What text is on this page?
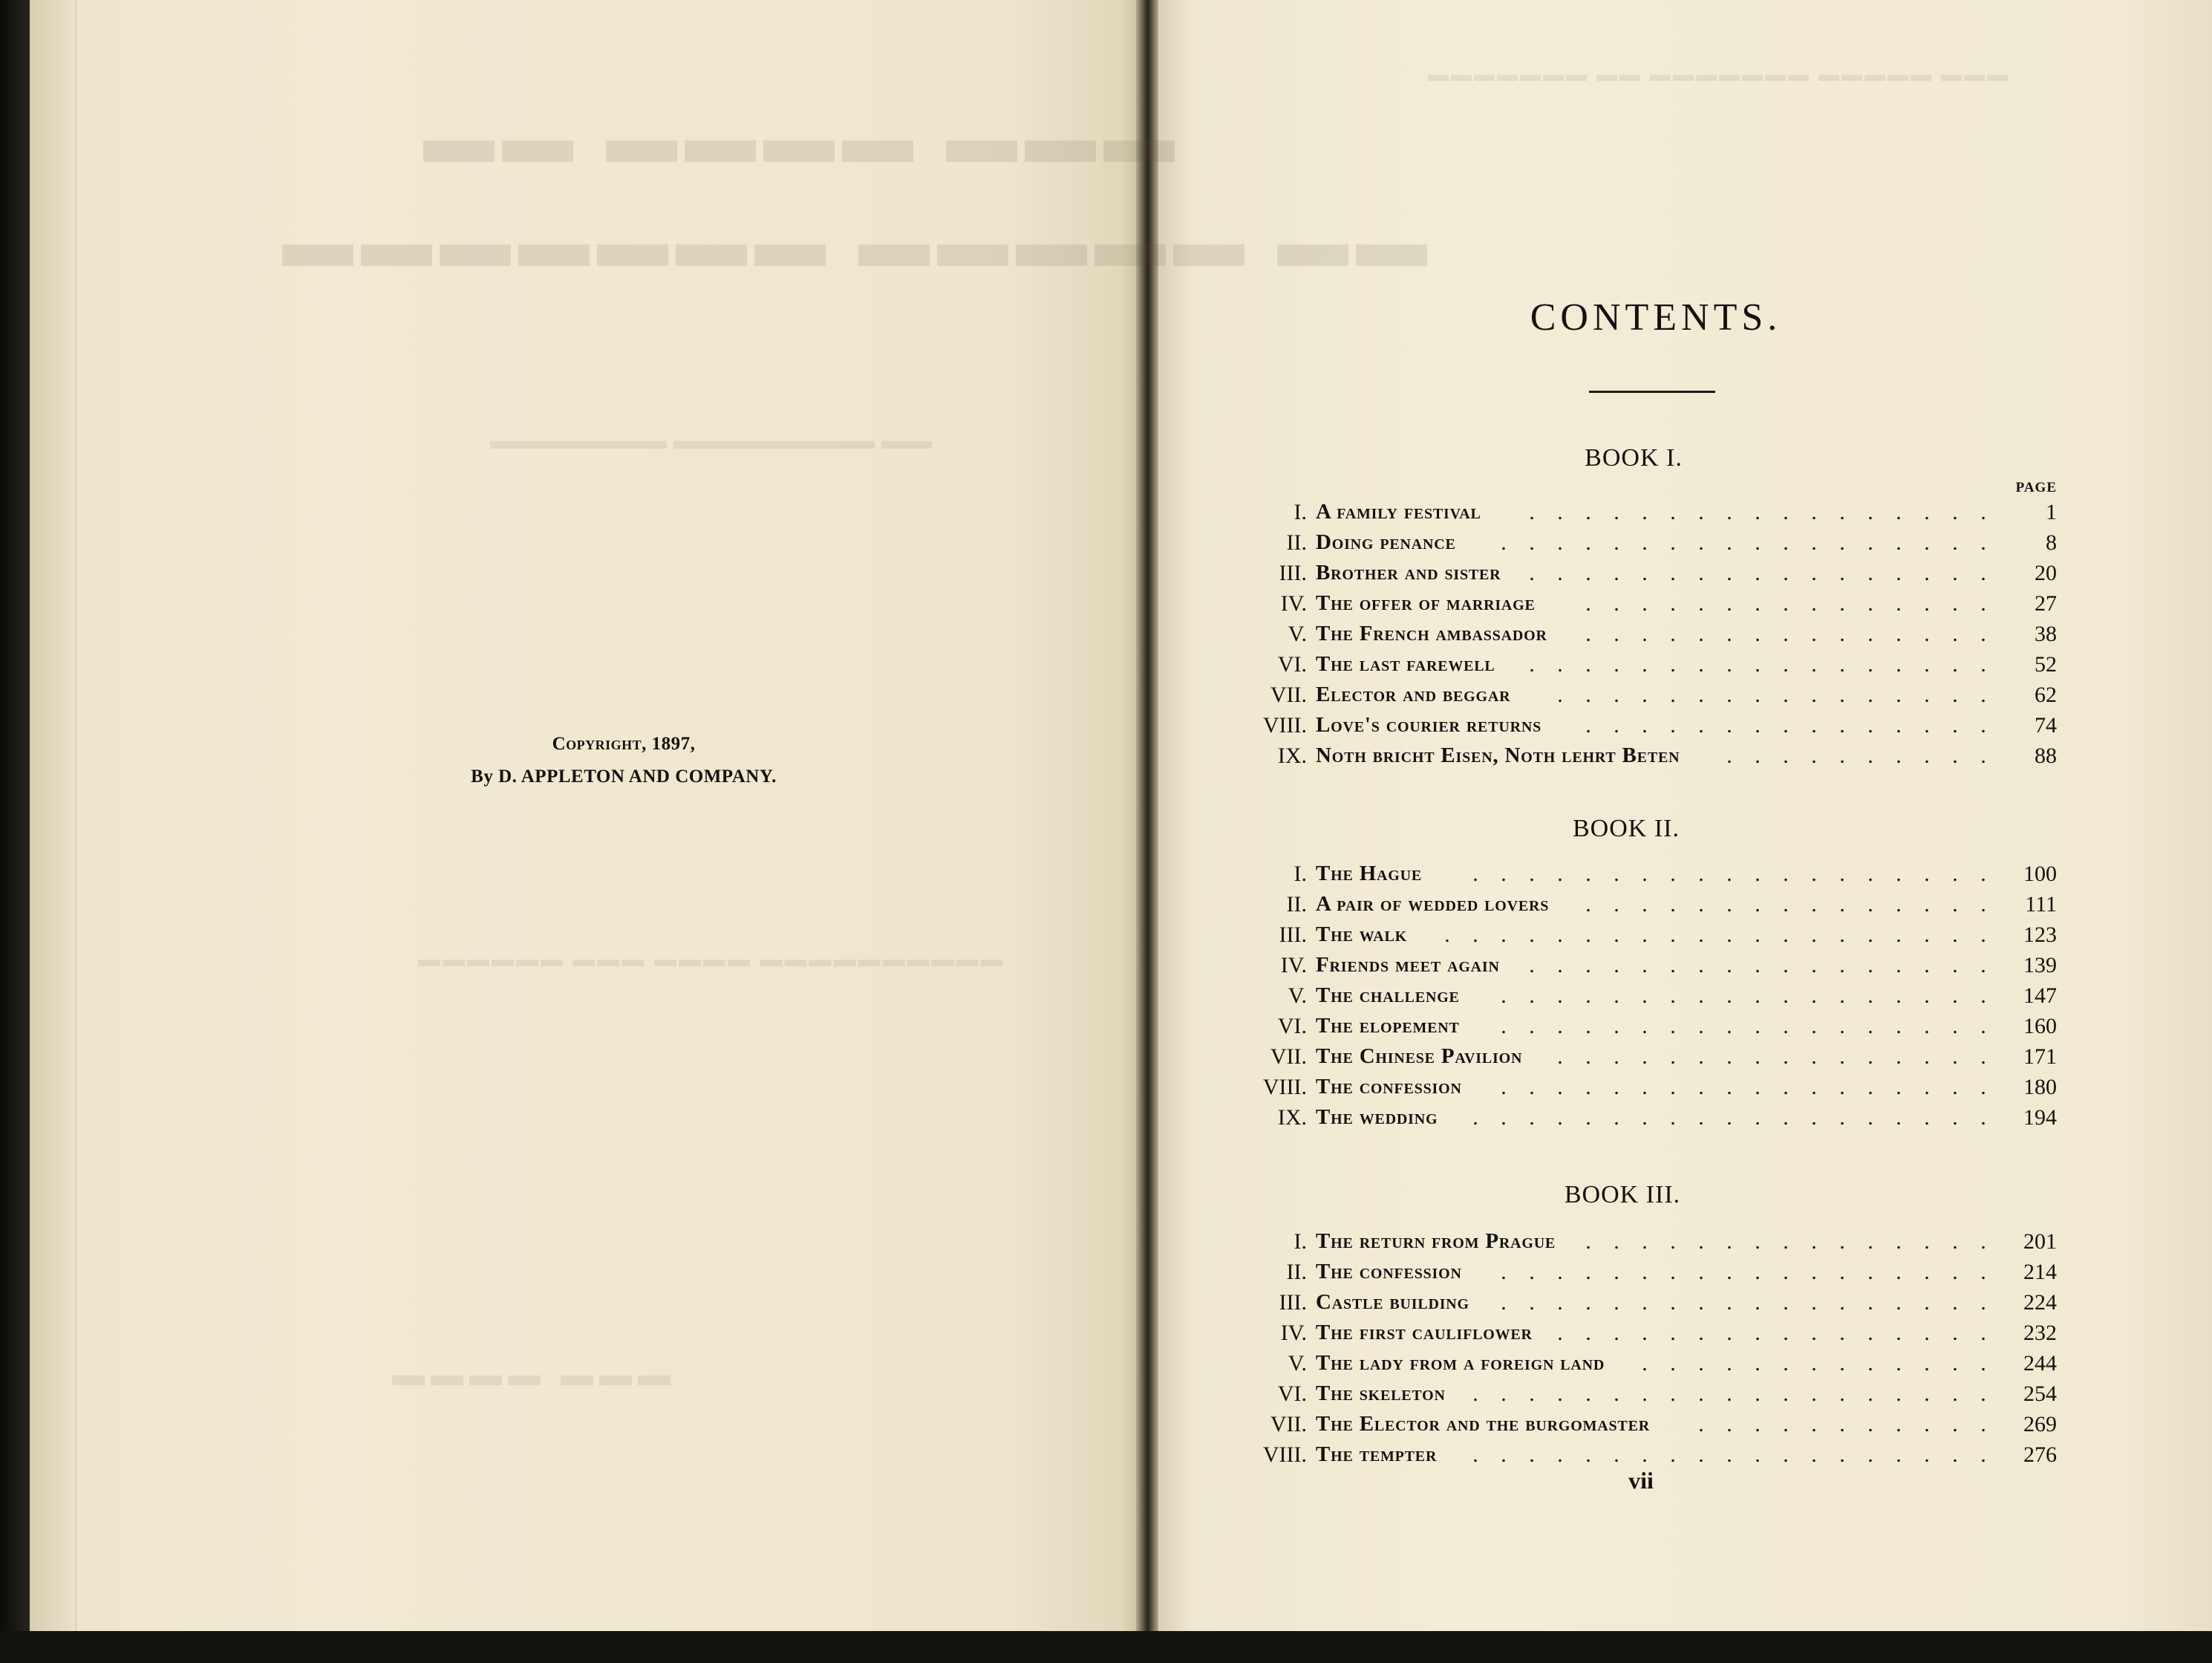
▬▬▬ ▬▬▬▬ ▬▬
▬▬ ▬▬▬▬▬ ▬▬▬▬▬▬▬
▬▬ ▬▬▬▬▬▬▬▬ ▬▬▬▬▬▬▬
▬▬▬▬▬▬▬▬▬▬ ▬▬▬▬ ▬▬▬ ▬▬▬▬▬▬
▬▬▬ ▬▬▬▬
▬▬▬ ▬▬▬▬▬ ▬▬▬▬▬▬▬ ▬▬ ▬▬▬▬▬▬▬
Copyright, 1897,
By D. APPLETON AND COMPANY.
CONTENTS.
BOOK I.
PAGE
I. A family festival	.	.	.	.	.	.	.	.	.	.	.	.	.	.	.	.	.	1
II. Doing penance	.	.	.	.	.	.	.	.	.	.	.	.	.	.	.	.	.	.	8
III. Brother and sister	.	.	.	.	.	.	.	.	.	.	.	.	.	.	.	.	.	20
IV. The offer of marriage	.	.	.	.	.	.	.	.	.	.	.	.	.	.	.	27
V. The French ambassador	.	.	.	.	.	.	.	.	.	.	.	.	.	.	.	38
VI. The last farewell	.	.	.	.	.	.	.	.	.	.	.	.	.	.	.	.	.	52
VII. Elector and beggar	.	.	.	.	.	.	.	.	.	.	.	.	.	.	.	.	62
VIII. Love's courier returns	.	.	.	.	.	.	.	.	.	.	.	.	.	.	.	74
IX. Noth bricht Eisen, Noth lehrt Beten	.	.	.	.	.	.	.	.	.	.	88
BOOK II.
I. The Hague	.	.	.	.	.	.	.	.	.	.	.	.	.	.	.	.	.	.	.	100
II. A pair of wedded lovers	.	.	.	.	.	.	.	.	.	.	.	.	.	.	.	111
III. The walk	.	.	.	.	.	.	.	.	.	.	.	.	.	.	.	.	.	.	.	.	123
IV. Friends meet again	.	.	.	.	.	.	.	.	.	.	.	.	.	.	.	.	.	139
V. The challenge	.	.	.	.	.	.	.	.	.	.	.	.	.	.	.	.	.	.	147
VI. The elopement	.	.	.	.	.	.	.	.	.	.	.	.	.	.	.	.	.	.	160
VII. The Chinese Pavilion	.	.	.	.	.	.	.	.	.	.	.	.	.	.	.	.	171
VIII. The confession	.	.	.	.	.	.	.	.	.	.	.	.	.	.	.	.	.	.	180
IX. The wedding	.	.	.	.	.	.	.	.	.	.	.	.	.	.	.	.	.	.	.	194
BOOK III.
I. The return from Prague	.	.	.	.	.	.	.	.	.	.	.	.	.	.	.	201
II. The confession	.	.	.	.	.	.	.	.	.	.	.	.	.	.	.	.	.	.	214
III. Castle building	.	.	.	.	.	.	.	.	.	.	.	.	.	.	.	.	.	.	224
IV. The first cauliflower	.	.	.	.	.	.	.	.	.	.	.	.	.	.	.	.	232
V. The lady from a foreign land	.	.	.	.	.	.	.	.	.	.	.	.	.	244
VI. The skeleton	.	.	.	.	.	.	.	.	.	.	.	.	.	.	.	.	.	.	.	254
VII. The Elector and the burgomaster	.	.	.	.	.	.	.	.	.	.	.	269
VIII. The tempter	.	.	.	.	.	.	.	.	.	.	.	.	.	.	.	.	.	.	.	276
vii
